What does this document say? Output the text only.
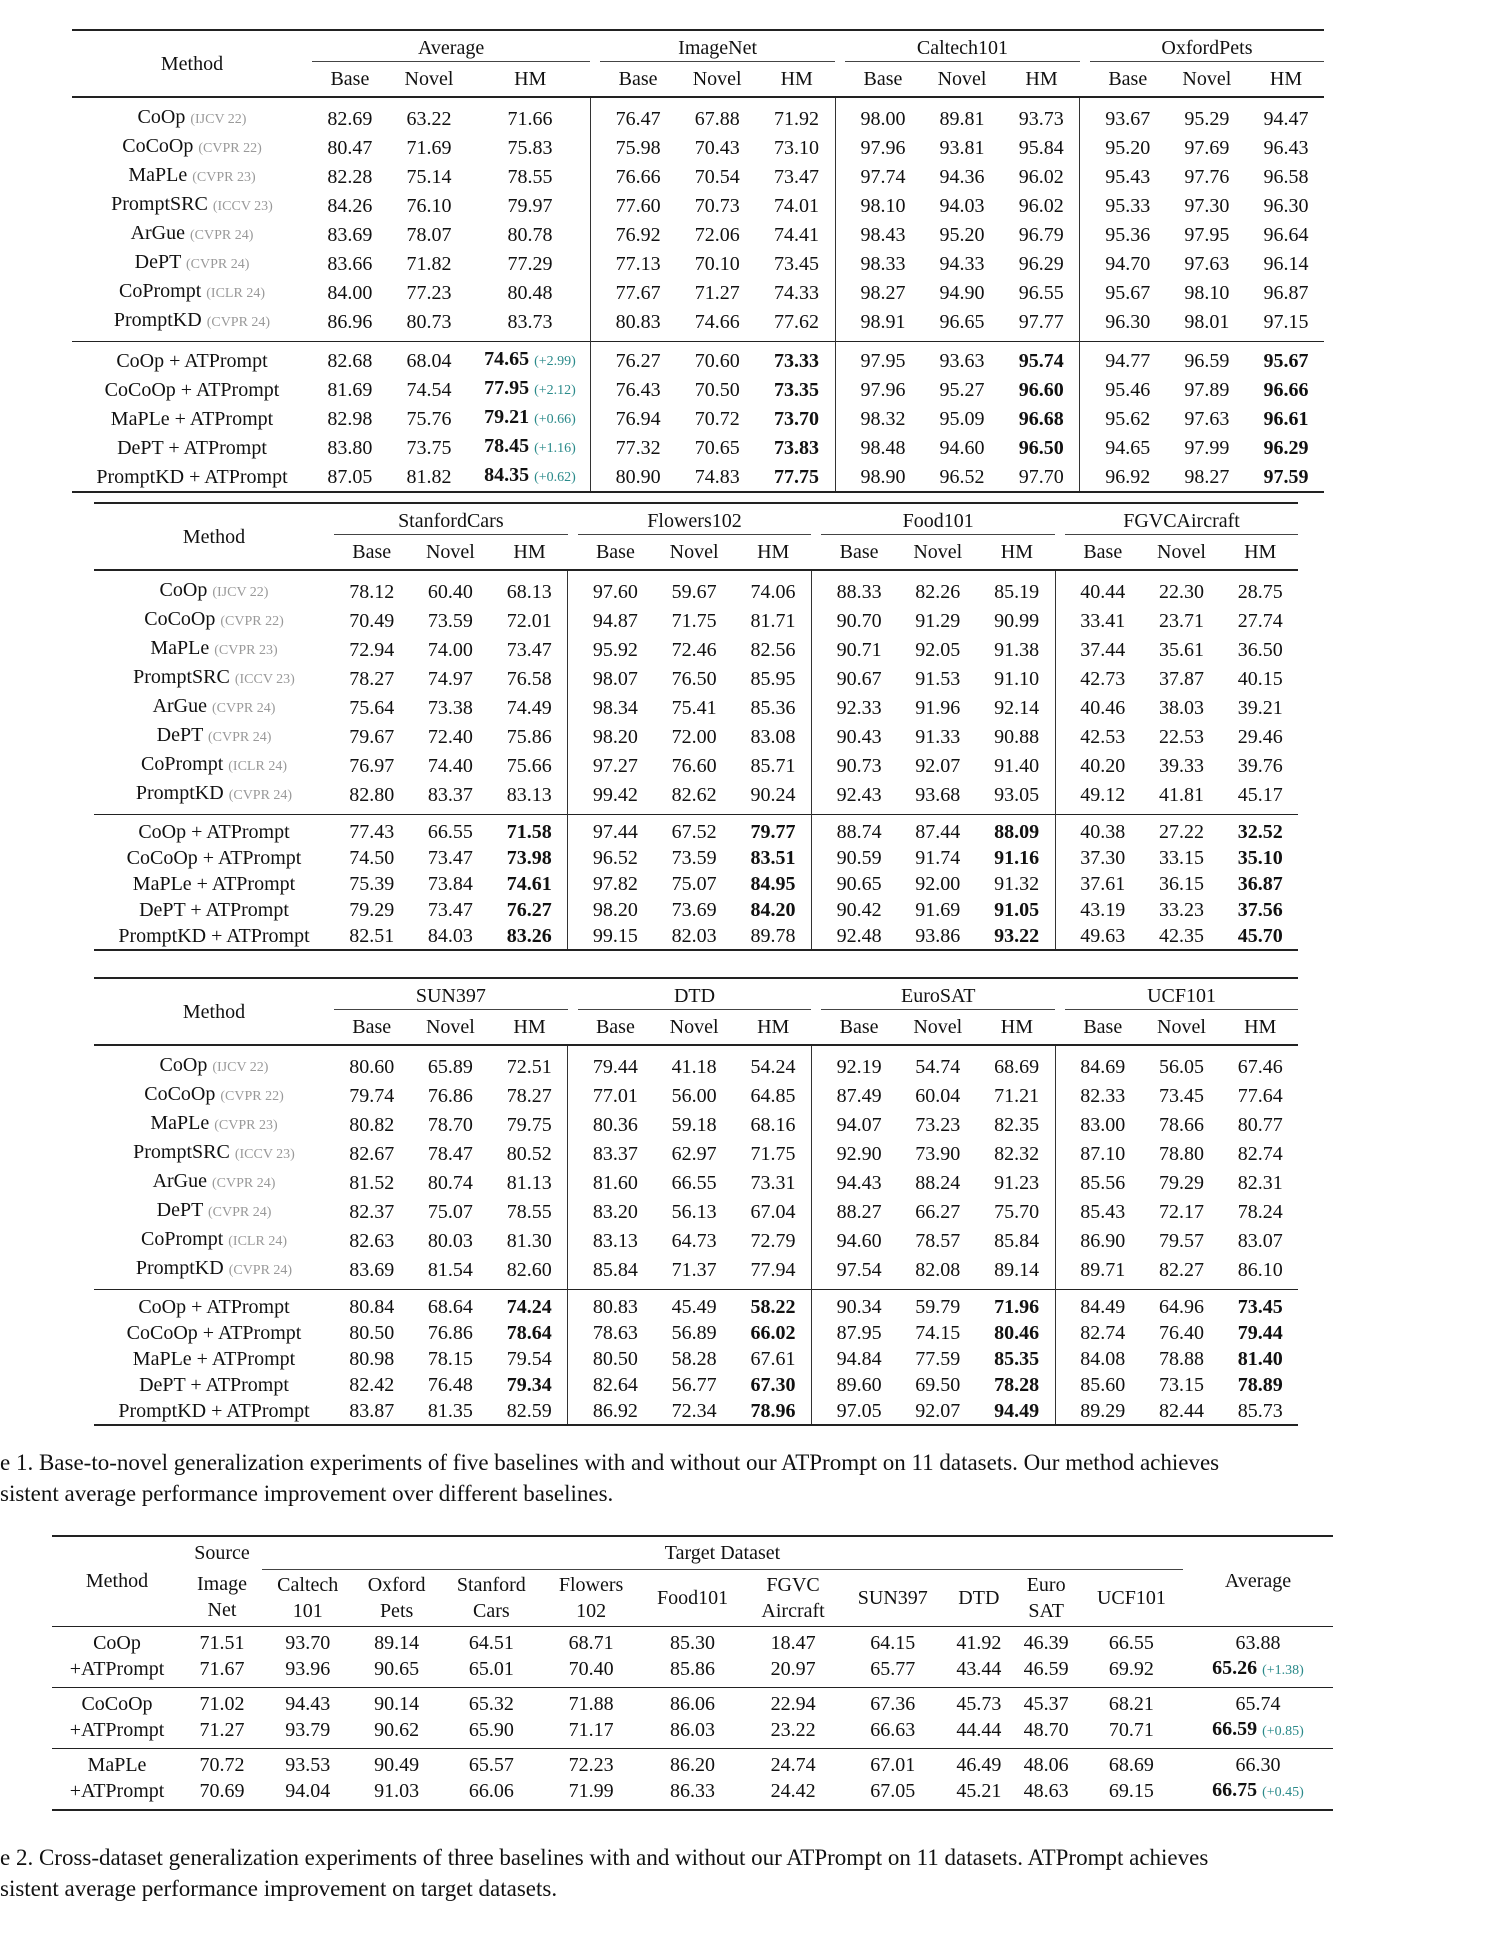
Method	Average				ImageNet				Caltech101				OxfordPets		
	Base	Novel	HM		Base	Novel	HM		Base	Novel	HM		Base	Novel	HM
CoOp (IJCV 22)	82.69	63.22	71.66		76.47	67.88	71.92		98.00	89.81	93.73		93.67	95.29	94.47
CoCoOp (CVPR 22)	80.47	71.69	75.83		75.98	70.43	73.10		97.96	93.81	95.84		95.20	97.69	96.43
MaPLe (CVPR 23)	82.28	75.14	78.55		76.66	70.54	73.47		97.74	94.36	96.02		95.43	97.76	96.58
PromptSRC (ICCV 23)	84.26	76.10	79.97		77.60	70.73	74.01		98.10	94.03	96.02		95.33	97.30	96.30
ArGue (CVPR 24)	83.69	78.07	80.78		76.92	72.06	74.41		98.43	95.20	96.79		95.36	97.95	96.64
DePT (CVPR 24)	83.66	71.82	77.29		77.13	70.10	73.45		98.33	94.33	96.29		94.70	97.63	96.14
CoPrompt (ICLR 24)	84.00	77.23	80.48		77.67	71.27	74.33		98.27	94.90	96.55		95.67	98.10	96.87
PromptKD (CVPR 24)	86.96	80.73	83.73		80.83	74.66	77.62		98.91	96.65	97.77		96.30	98.01	97.15
CoOp + ATPrompt	82.68	68.04	74.65 (+2.99)		76.27	70.60	73.33		97.95	93.63	95.74		94.77	96.59	95.67
CoCoOp + ATPrompt	81.69	74.54	77.95 (+2.12)		76.43	70.50	73.35		97.96	95.27	96.60		95.46	97.89	96.66
MaPLe + ATPrompt	82.98	75.76	79.21 (+0.66)		76.94	70.72	73.70		98.32	95.09	96.68		95.62	97.63	96.61
DePT + ATPrompt	83.80	73.75	78.45 (+1.16)		77.32	70.65	73.83		98.48	94.60	96.50		94.65	97.99	96.29
PromptKD + ATPrompt	87.05	81.82	84.35 (+0.62)		80.90	74.83	77.75		98.90	96.52	97.70		96.92	98.27	97.59
Method	StanfordCars				Flowers102				Food101				FGVCAircraft		
	Base	Novel	HM		Base	Novel	HM		Base	Novel	HM		Base	Novel	HM
CoOp (IJCV 22)	78.12	60.40	68.13		97.60	59.67	74.06		88.33	82.26	85.19		40.44	22.30	28.75
CoCoOp (CVPR 22)	70.49	73.59	72.01		94.87	71.75	81.71		90.70	91.29	90.99		33.41	23.71	27.74
MaPLe (CVPR 23)	72.94	74.00	73.47		95.92	72.46	82.56		90.71	92.05	91.38		37.44	35.61	36.50
PromptSRC (ICCV 23)	78.27	74.97	76.58		98.07	76.50	85.95		90.67	91.53	91.10		42.73	37.87	40.15
ArGue (CVPR 24)	75.64	73.38	74.49		98.34	75.41	85.36		92.33	91.96	92.14		40.46	38.03	39.21
DePT (CVPR 24)	79.67	72.40	75.86		98.20	72.00	83.08		90.43	91.33	90.88		42.53	22.53	29.46
CoPrompt (ICLR 24)	76.97	74.40	75.66		97.27	76.60	85.71		90.73	92.07	91.40		40.20	39.33	39.76
PromptKD (CVPR 24)	82.80	83.37	83.13		99.42	82.62	90.24		92.43	93.68	93.05		49.12	41.81	45.17
CoOp + ATPrompt	77.43	66.55	71.58		97.44	67.52	79.77		88.74	87.44	88.09		40.38	27.22	32.52
CoCoOp + ATPrompt	74.50	73.47	73.98		96.52	73.59	83.51		90.59	91.74	91.16		37.30	33.15	35.10
MaPLe + ATPrompt	75.39	73.84	74.61		97.82	75.07	84.95		90.65	92.00	91.32		37.61	36.15	36.87
DePT + ATPrompt	79.29	73.47	76.27		98.20	73.69	84.20		90.42	91.69	91.05		43.19	33.23	37.56
PromptKD + ATPrompt	82.51	84.03	83.26		99.15	82.03	89.78		92.48	93.86	93.22		49.63	42.35	45.70
Method	SUN397				DTD				EuroSAT				UCF101		
	Base	Novel	HM		Base	Novel	HM		Base	Novel	HM		Base	Novel	HM
CoOp (IJCV 22)	80.60	65.89	72.51		79.44	41.18	54.24		92.19	54.74	68.69		84.69	56.05	67.46
CoCoOp (CVPR 22)	79.74	76.86	78.27		77.01	56.00	64.85		87.49	60.04	71.21		82.33	73.45	77.64
MaPLe (CVPR 23)	80.82	78.70	79.75		80.36	59.18	68.16		94.07	73.23	82.35		83.00	78.66	80.77
PromptSRC (ICCV 23)	82.67	78.47	80.52		83.37	62.97	71.75		92.90	73.90	82.32		87.10	78.80	82.74
ArGue (CVPR 24)	81.52	80.74	81.13		81.60	66.55	73.31		94.43	88.24	91.23		85.56	79.29	82.31
DePT (CVPR 24)	82.37	75.07	78.55		83.20	56.13	67.04		88.27	66.27	75.70		85.43	72.17	78.24
CoPrompt (ICLR 24)	82.63	80.03	81.30		83.13	64.73	72.79		94.60	78.57	85.84		86.90	79.57	83.07
PromptKD (CVPR 24)	83.69	81.54	82.60		85.84	71.37	77.94		97.54	82.08	89.14		89.71	82.27	86.10
CoOp + ATPrompt	80.84	68.64	74.24		80.83	45.49	58.22		90.34	59.79	71.96		84.49	64.96	73.45
CoCoOp + ATPrompt	80.50	76.86	78.64		78.63	56.89	66.02		87.95	74.15	80.46		82.74	76.40	79.44
MaPLe + ATPrompt	80.98	78.15	79.54		80.50	58.28	67.61		94.84	77.59	85.35		84.08	78.88	81.40
DePT + ATPrompt	82.42	76.48	79.34		82.64	56.77	67.30		89.60	69.50	78.28		85.60	73.15	78.89
PromptKD + ATPrompt	83.87	81.35	82.59		86.92	72.34	78.96		97.05	92.07	94.49		89.29	82.44	85.73

e 1. Base-to-novel generalization experiments of five baselines with and without our ATPrompt on 11 datasets. Our method achieves
sistent average performance improvement over different baselines.

Method	Source	Target Dataset										Average
	Image
Net	Caltech
101	Oxford
Pets	Stanford
Cars	Flowers
102	Food101	FGVC
Aircraft	SUN397	DTD	Euro
SAT	UCF101	
CoOp	71.51	93.70	89.14	64.51	68.71	85.30	18.47	64.15	41.92	46.39	66.55	63.88
+ATPrompt	71.67	93.96	90.65	65.01	70.40	85.86	20.97	65.77	43.44	46.59	69.92	65.26 (+1.38)
CoCoOp	71.02	94.43	90.14	65.32	71.88	86.06	22.94	67.36	45.73	45.37	68.21	65.74
+ATPrompt	71.27	93.79	90.62	65.90	71.17	86.03	23.22	66.63	44.44	48.70	70.71	66.59 (+0.85)
MaPLe	70.72	93.53	90.49	65.57	72.23	86.20	24.74	67.01	46.49	48.06	68.69	66.30
+ATPrompt	70.69	94.04	91.03	66.06	71.99	86.33	24.42	67.05	45.21	48.63	69.15	66.75 (+0.45)

e 2. Cross-dataset generalization experiments of three baselines with and without our ATPrompt on 11 datasets. ATPrompt achieves
sistent average performance improvement on target datasets.
